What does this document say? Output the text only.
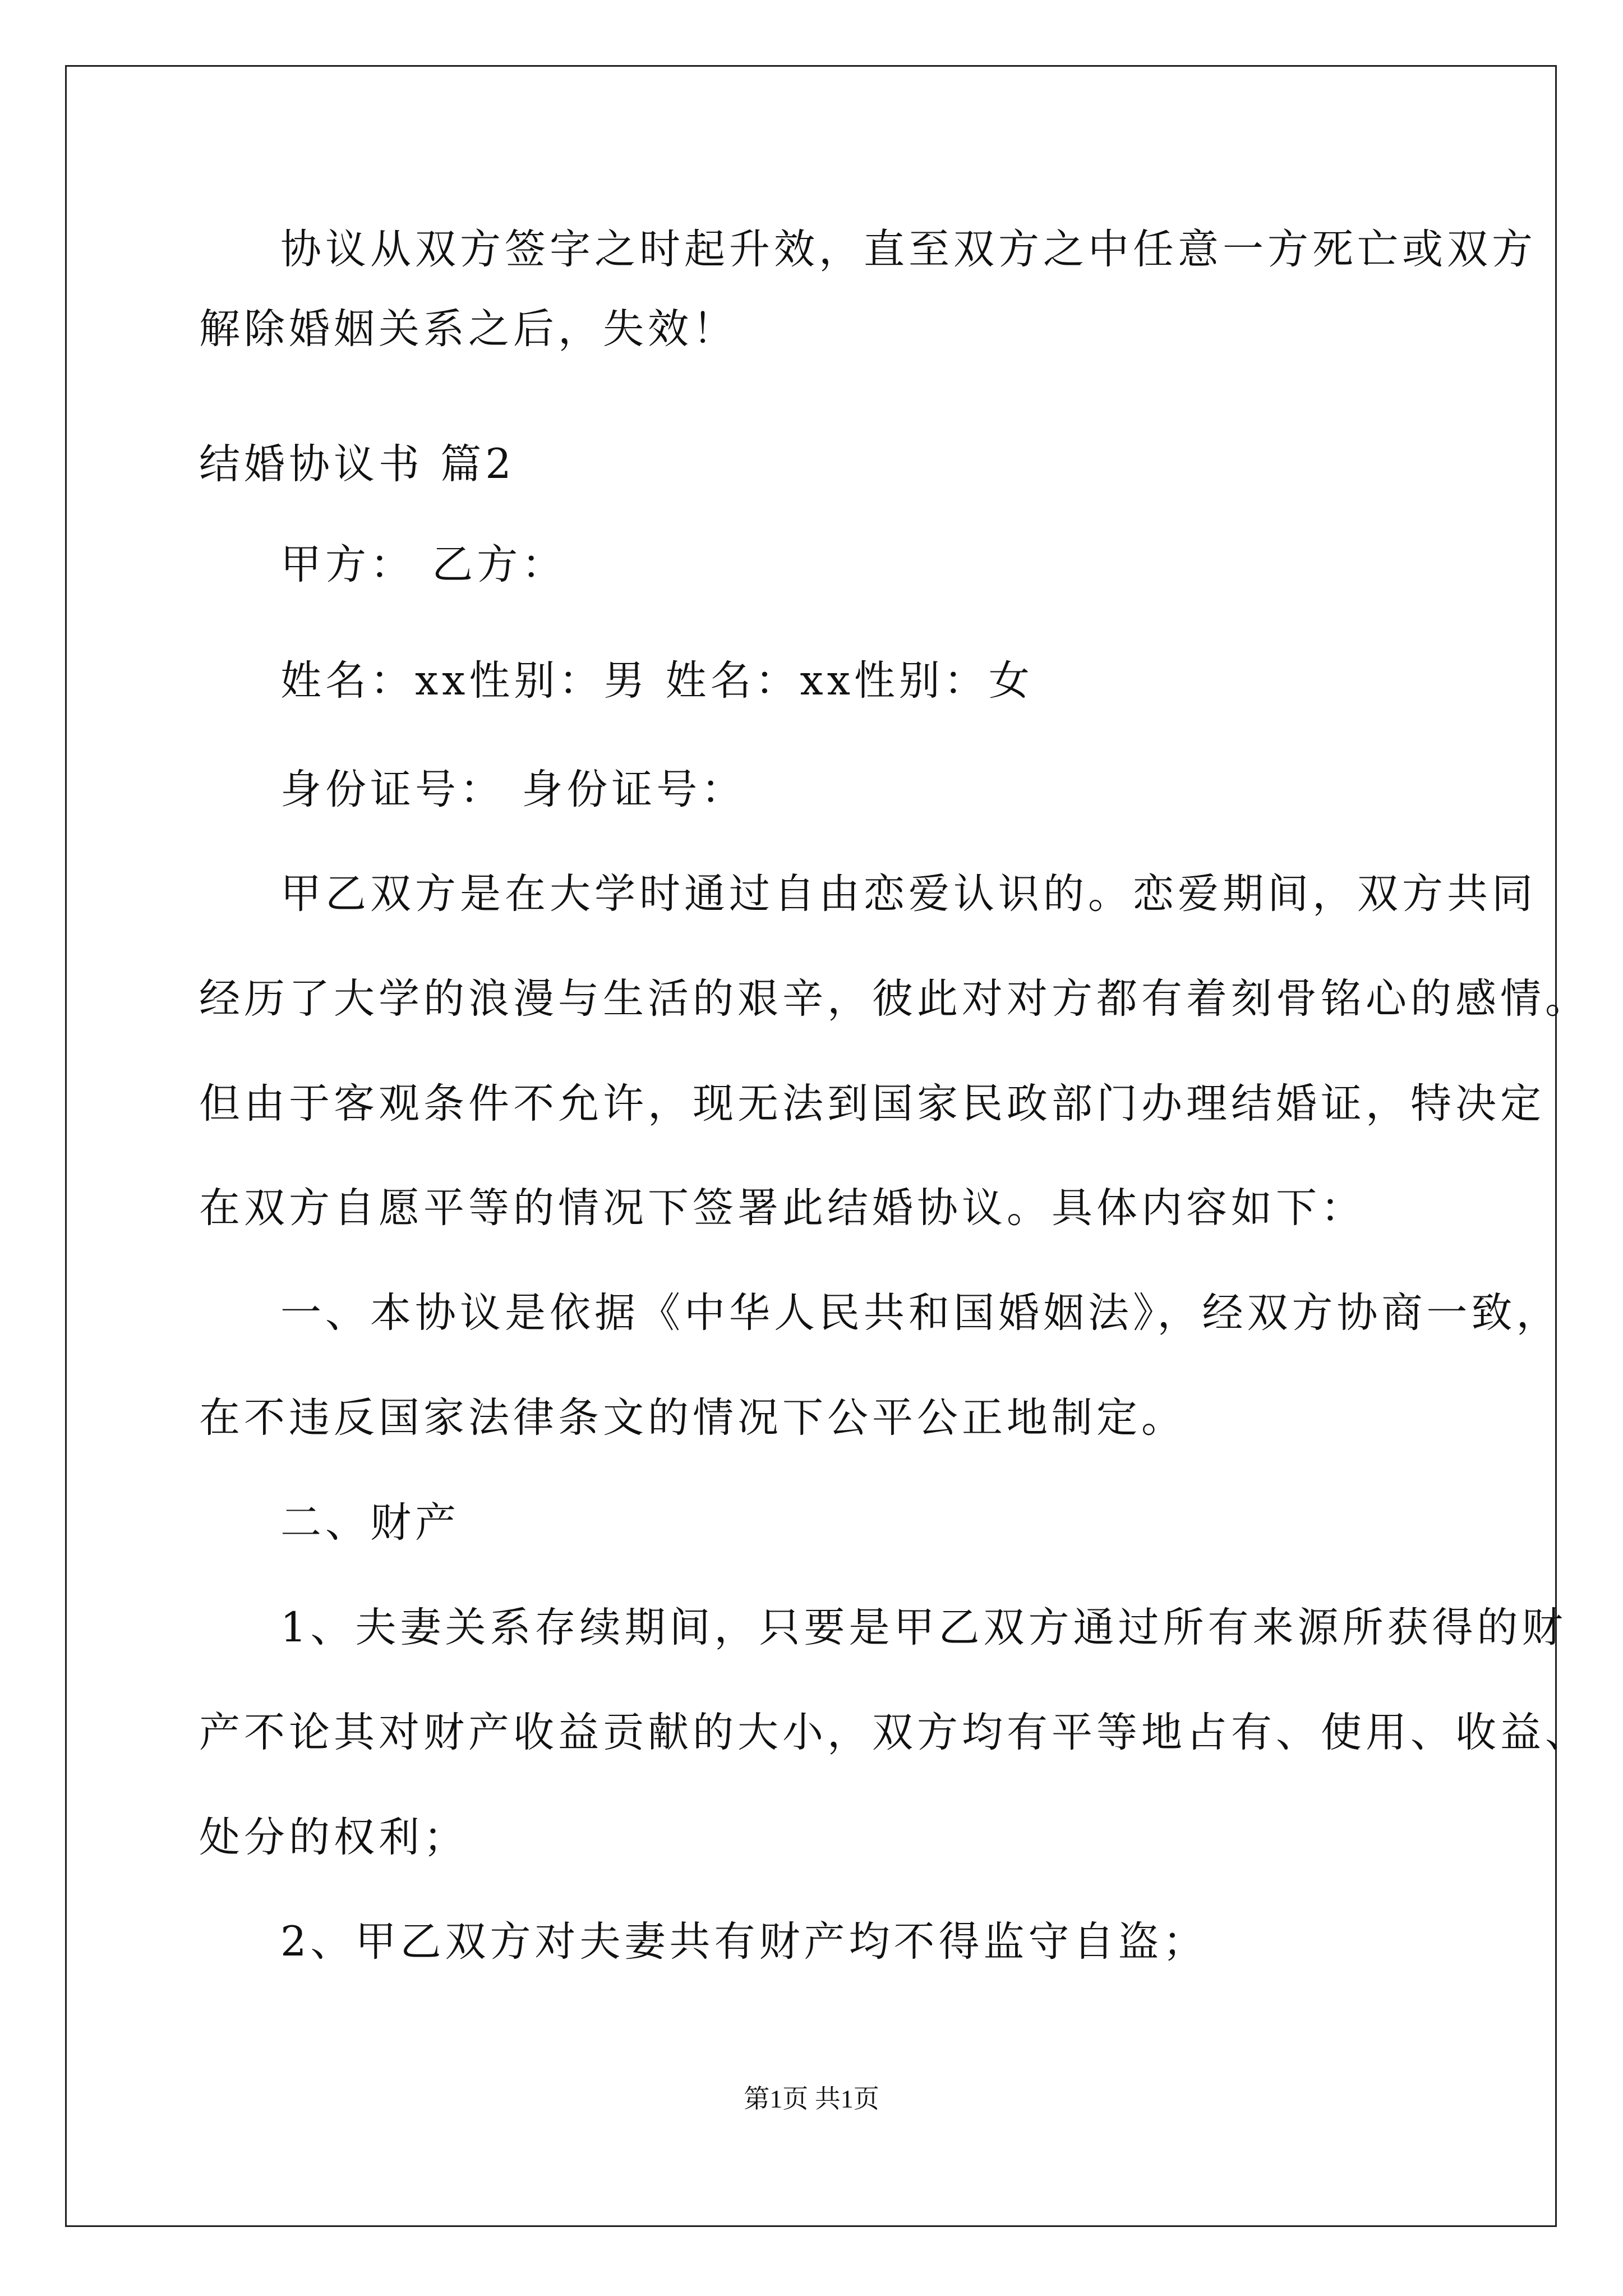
协议从双方签字之时起升效，直至双方之中任意一方死亡或双方
解除婚姻关系之后，失效！
结婚协议书 篇2
甲方： 乙方：
姓名：xx性别：男 姓名：xx性别：女
身份证号： 身份证号：
甲乙双方是在大学时通过自由恋爱认识的。恋爱期间，双方共同
经历了大学的浪漫与生活的艰辛，彼此对对方都有着刻骨铭心的感情。
但由于客观条件不允许，现无法到国家民政部门办理结婚证，特决定
在双方自愿平等的情况下签署此结婚协议。具体内容如下：
一、本协议是依据《中华人民共和国婚姻法》，经双方协商一致，
在不违反国家法律条文的情况下公平公正地制定。
二、财产
1、夫妻关系存续期间，只要是甲乙双方通过所有来源所获得的财
产不论其对财产收益贡献的大小，双方均有平等地占有、使用、收益、
处分的权利；
2、甲乙双方对夫妻共有财产均不得监守自盗；
第1页 共1页
